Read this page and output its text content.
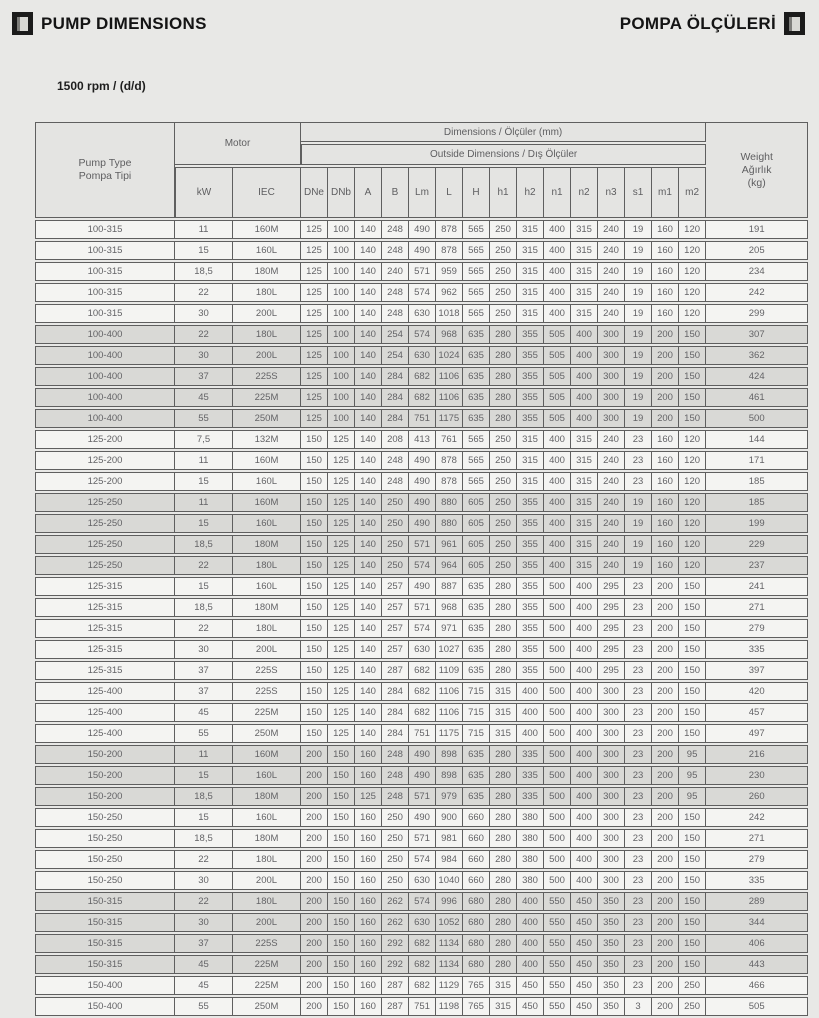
PUMP DIMENSIONS	POMPA ÖLÇÜLERİ
1500 rpm / (d/d)
Pump Type
Pompa Tipi	Motor		Dimensions / Ölçüler (mm)															Weight
Ağırlık
(kg)
			Outside Dimensions / Dış Ölçüler															
	kW	IEC	DNe	DNb	A	B	Lm	L	H	h1	h2	n1	n2	n3	s1	m1	m2	
100-315	11	160M	125	100	140	248	490	878	565	250	315	400	315	240	19	160	120	191
100-315	15	160L	125	100	140	248	490	878	565	250	315	400	315	240	19	160	120	205
100-315	18,5	180M	125	100	140	240	571	959	565	250	315	400	315	240	19	160	120	234
100-315	22	180L	125	100	140	248	574	962	565	250	315	400	315	240	19	160	120	242
100-315	30	200L	125	100	140	248	630	1018	565	250	315	400	315	240	19	160	120	299
100-400	22	180L	125	100	140	254	574	968	635	280	355	505	400	300	19	200	150	307
100-400	30	200L	125	100	140	254	630	1024	635	280	355	505	400	300	19	200	150	362
100-400	37	225S	125	100	140	284	682	1106	635	280	355	505	400	300	19	200	150	424
100-400	45	225M	125	100	140	284	682	1106	635	280	355	505	400	300	19	200	150	461
100-400	55	250M	125	100	140	284	751	1175	635	280	355	505	400	300	19	200	150	500
125-200	7,5	132M	150	125	140	208	413	761	565	250	315	400	315	240	23	160	120	144
125-200	11	160M	150	125	140	248	490	878	565	250	315	400	315	240	23	160	120	171
125-200	15	160L	150	125	140	248	490	878	565	250	315	400	315	240	23	160	120	185
125-250	11	160M	150	125	140	250	490	880	605	250	355	400	315	240	19	160	120	185
125-250	15	160L	150	125	140	250	490	880	605	250	355	400	315	240	19	160	120	199
125-250	18,5	180M	150	125	140	250	571	961	605	250	355	400	315	240	19	160	120	229
125-250	22	180L	150	125	140	250	574	964	605	250	355	400	315	240	19	160	120	237
125-315	15	160L	150	125	140	257	490	887	635	280	355	500	400	295	23	200	150	241
125-315	18,5	180M	150	125	140	257	571	968	635	280	355	500	400	295	23	200	150	271
125-315	22	180L	150	125	140	257	574	971	635	280	355	500	400	295	23	200	150	279
125-315	30	200L	150	125	140	257	630	1027	635	280	355	500	400	295	23	200	150	335
125-315	37	225S	150	125	140	287	682	1109	635	280	355	500	400	295	23	200	150	397
125-400	37	225S	150	125	140	284	682	1106	715	315	400	500	400	300	23	200	150	420
125-400	45	225M	150	125	140	284	682	1106	715	315	400	500	400	300	23	200	150	457
125-400	55	250M	150	125	140	284	751	1175	715	315	400	500	400	300	23	200	150	497
150-200	11	160M	200	150	160	248	490	898	635	280	335	500	400	300	23	200	95	216
150-200	15	160L	200	150	160	248	490	898	635	280	335	500	400	300	23	200	95	230
150-200	18,5	180M	200	150	125	248	571	979	635	280	335	500	400	300	23	200	95	260
150-250	15	160L	200	150	160	250	490	900	660	280	380	500	400	300	23	200	150	242
150-250	18,5	180M	200	150	160	250	571	981	660	280	380	500	400	300	23	200	150	271
150-250	22	180L	200	150	160	250	574	984	660	280	380	500	400	300	23	200	150	279
150-250	30	200L	200	150	160	250	630	1040	660	280	380	500	400	300	23	200	150	335
150-315	22	180L	200	150	160	262	574	996	680	280	400	550	450	350	23	200	150	289
150-315	30	200L	200	150	160	262	630	1052	680	280	400	550	450	350	23	200	150	344
150-315	37	225S	200	150	160	292	682	1134	680	280	400	550	450	350	23	200	150	406
150-315	45	225M	200	150	160	292	682	1134	680	280	400	550	450	350	23	200	150	443
150-400	45	225M	200	150	160	287	682	1129	765	315	450	550	450	350	23	200	250	466
150-400	55	250M	200	150	160	287	751	1198	765	315	450	550	450	350	3	200	250	505
